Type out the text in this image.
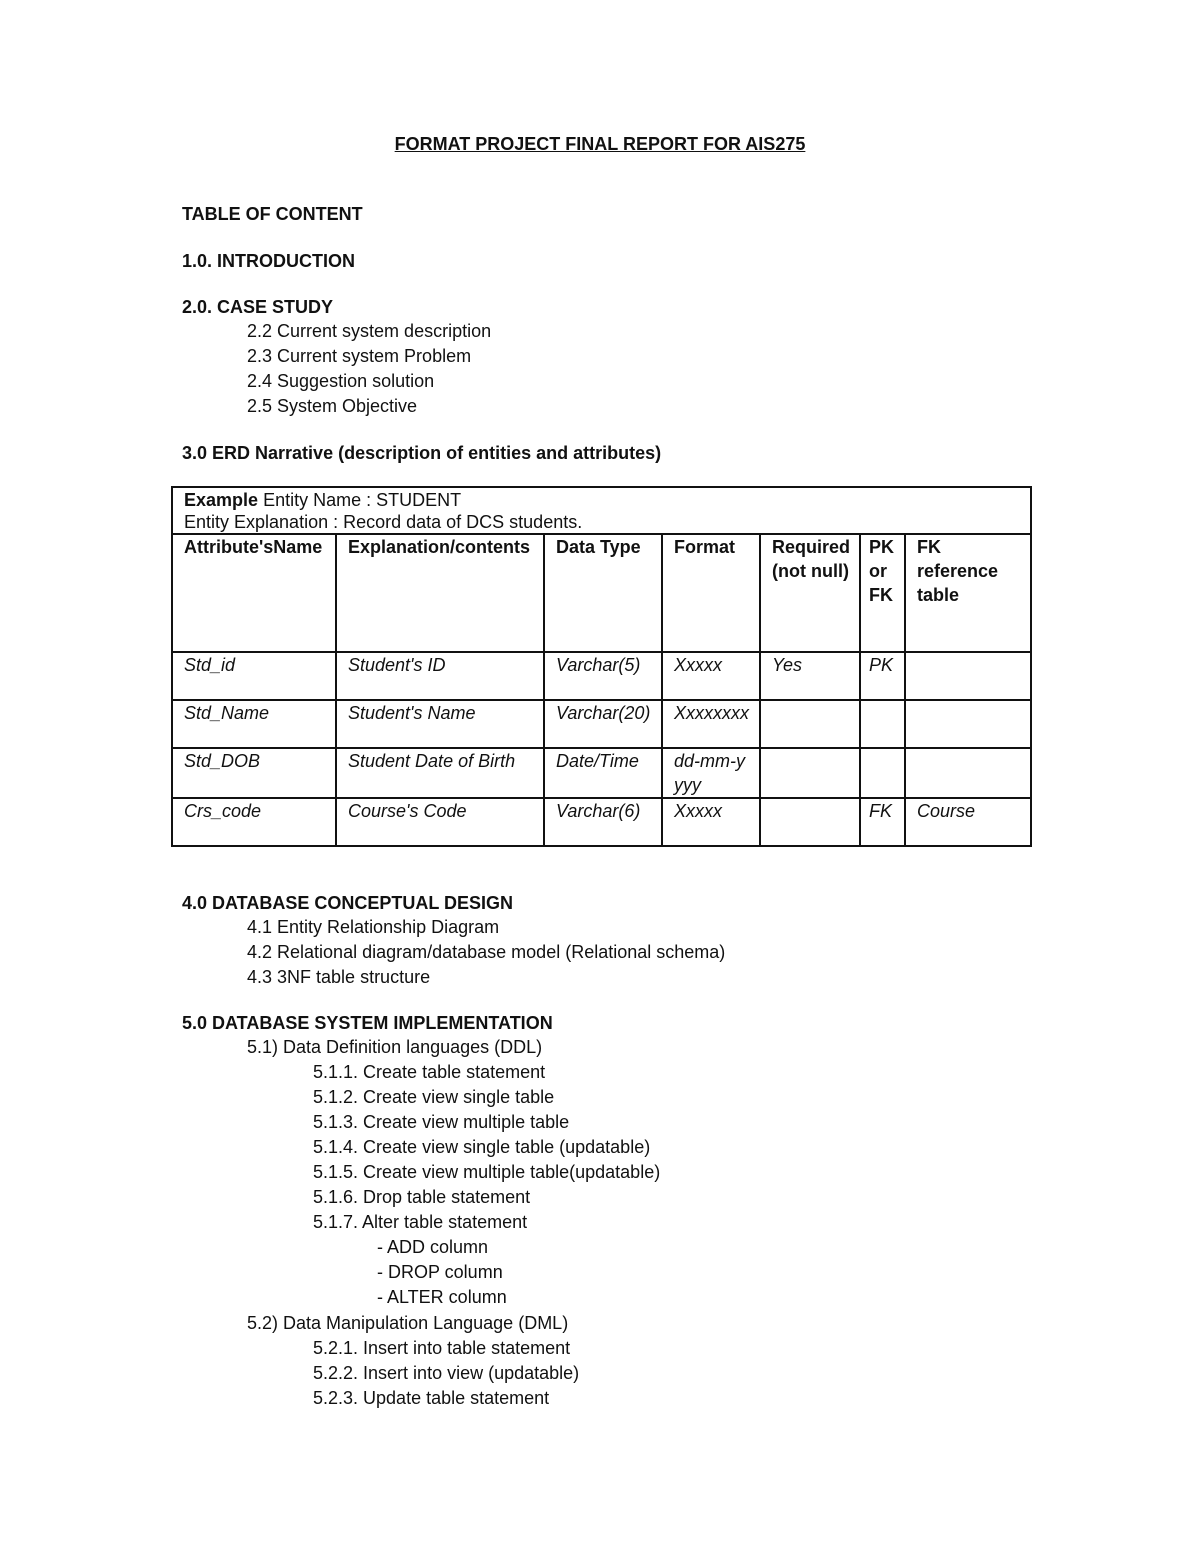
FORMAT PROJECT FINAL REPORT FOR AIS275
TABLE OF CONTENT
1.0. INTRODUCTION
2.0. CASE STUDY
2.2 Current system description
2.3 Current system Problem
2.4 Suggestion solution
2.5 System Objective
3.0 ERD Narrative (description of entities and attributes)
Example Entity Name : STUDENT
Entity Explanation : Record data of DCS students.						
Attribute'sName	Explanation/contents	Data Type	Format	Required (not null)	PK or FK	FK reference table
Std_id	Student's ID	Varchar(5)	Xxxxx	Yes	PK	
Std_Name	Student's Name	Varchar(20)	Xxxxxxxx			
Std_DOB	Student Date of Birth	Date/Time	dd-mm-yyyy			
Crs_code	Course's Code	Varchar(6)	Xxxxx		FK	Course
4.0 DATABASE CONCEPTUAL DESIGN
4.1 Entity Relationship Diagram
4.2 Relational diagram/database model (Relational schema)
4.3 3NF table structure
5.0 DATABASE SYSTEM IMPLEMENTATION
5.1) Data Definition languages (DDL)
5.1.1. Create table statement
5.1.2. Create view single table
5.1.3. Create view multiple table
5.1.4. Create view single table (updatable)
5.1.5. Create view multiple table(updatable)
5.1.6. Drop table statement
5.1.7. Alter table statement
- ADD column
- DROP column
- ALTER column
5.2) Data Manipulation Language (DML)
5.2.1. Insert into table statement
5.2.2. Insert into view (updatable)
5.2.3. Update table statement
